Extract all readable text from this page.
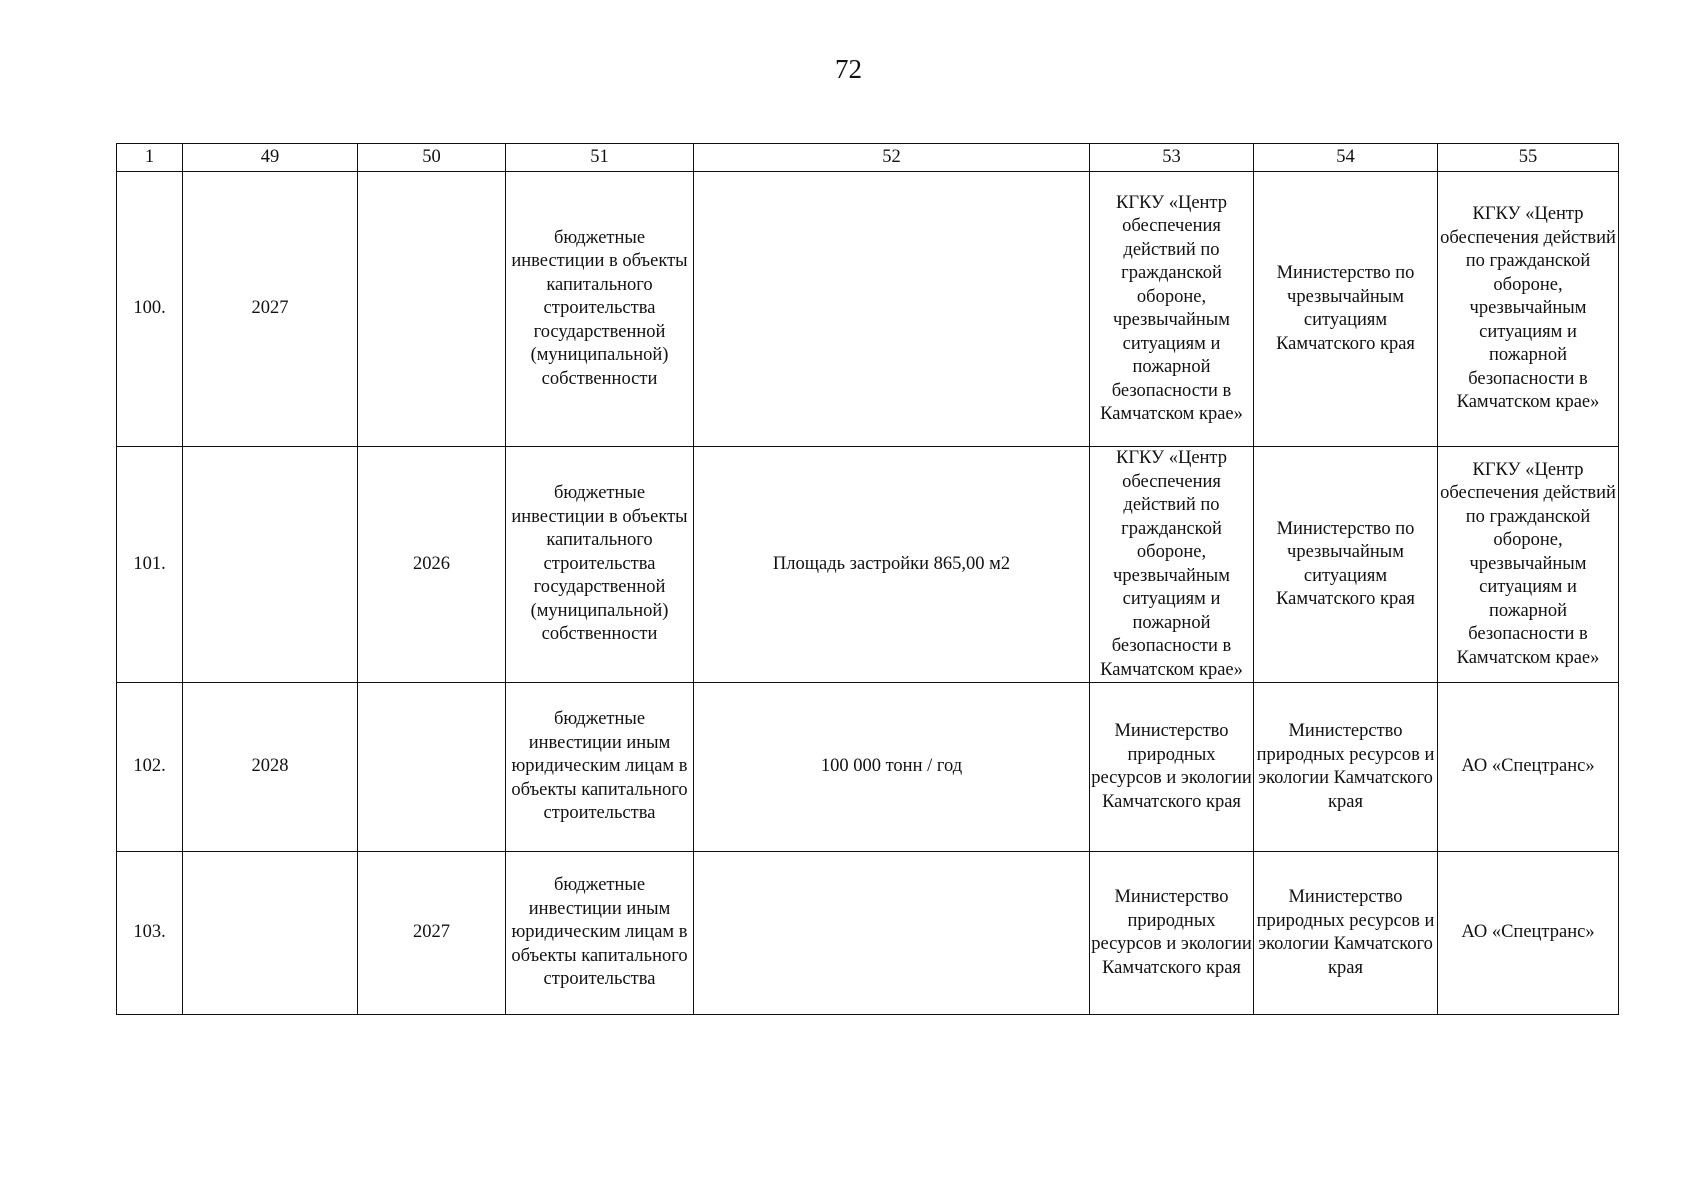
72
1	49	50	51	52	53	54	55
100.	2027		бюджетные инвестиции в объекты капитального строительства государственной (муниципальной) собственности		КГКУ «Центр обеспечения действий по гражданской обороне, чрезвычайным ситуациям и пожарной безопасности в Камчатском крае»	Министерство по чрезвычайным ситуациям Камчатского края	КГКУ «Центр обеспечения действий по гражданской обороне, чрезвычайным ситуациям и пожарной безопасности в Камчатском крае»
101.		2026	бюджетные инвестиции в объекты капитального строительства государственной (муниципальной) собственности	Площадь застройки 865,00 м2	КГКУ «Центр обеспечения действий по гражданской обороне, чрезвычайным ситуациям и пожарной безопасности в Камчатском крае»	Министерство по чрезвычайным ситуациям Камчатского края	КГКУ «Центр обеспечения действий по гражданской обороне, чрезвычайным ситуациям и пожарной безопасности в Камчатском крае»
102.	2028		бюджетные инвестиции иным юридическим лицам в объекты капитального строительства	100 000 тонн / год	Министерство природных ресурсов и экологии Камчатского края	Министерство природных ресурсов и экологии Камчатского края	АО «Спецтранс»
103.		2027	бюджетные инвестиции иным юридическим лицам в объекты капитального строительства		Министерство природных ресурсов и экологии Камчатского края	Министерство природных ресурсов и экологии Камчатского края	АО «Спецтранс»
